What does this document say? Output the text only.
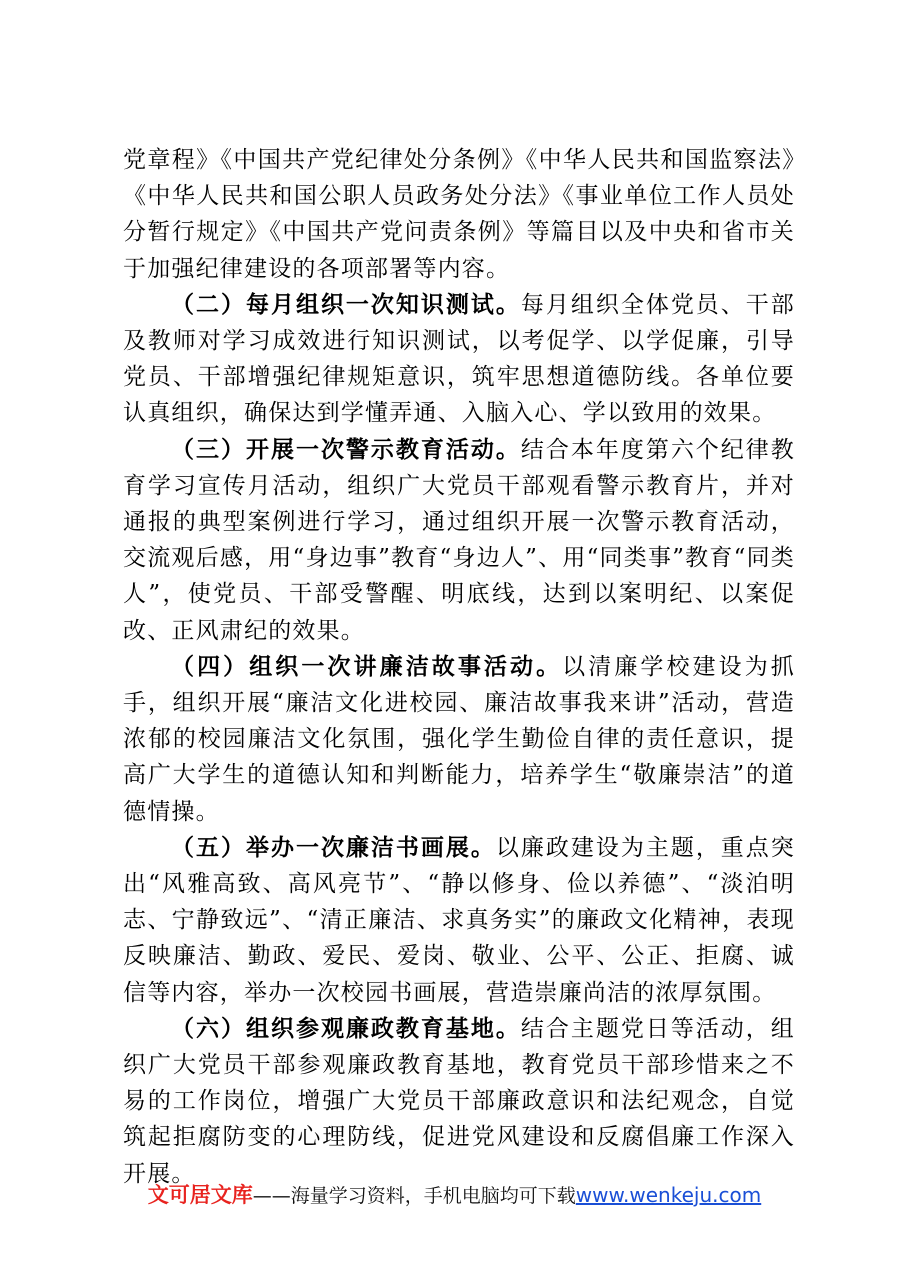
党章程》《中国共产党纪律处分条例》《中华人民共和国监察法》《中华人民共和国公职人员政务处分法》《事业单位工作人员处分暂行规定》《中国共产党问责条例》等篇目以及中央和省市关于加强纪律建设的各项部署等内容。

（二）每月组织一次知识测试。每月组织全体党员、干部及教师对学习成效进行知识测试，以考促学、以学促廉，引导党员、干部增强纪律规矩意识，筑牢思想道德防线。各单位要认真组织，确保达到学懂弄通、入脑入心、学以致用的效果。

（三）开展一次警示教育活动。结合本年度第六个纪律教育学习宣传月活动，组织广大党员干部观看警示教育片，并对通报的典型案例进行学习，通过组织开展一次警示教育活动，交流观后感，用“身边事”教育“身边人”、用“同类事”教育“同类人”，使党员、干部受警醒、明底线，达到以案明纪、以案促改、正风肃纪的效果。

（四）组织一次讲廉洁故事活动。以清廉学校建设为抓手，组织开展“廉洁文化进校园、廉洁故事我来讲”活动，营造浓郁的校园廉洁文化氛围，强化学生勤俭自律的责任意识，提高广大学生的道德认知和判断能力，培养学生“敬廉崇洁”的道德情操。

（五）举办一次廉洁书画展。以廉政建设为主题，重点突出“风雅高致、高风亮节”、“静以修身、俭以养德”、“淡泊明志、宁静致远”、“清正廉洁、求真务实”的廉政文化精神，表现反映廉洁、勤政、爱民、爱岗、敬业、公平、公正、拒腐、诚信等内容，举办一次校园书画展，营造崇廉尚洁的浓厚氛围。

（六）组织参观廉政教育基地。结合主题党日等活动，组织广大党员干部参观廉政教育基地，教育党员干部珍惜来之不易的工作岗位，增强广大党员干部廉政意识和法纪观念，自觉筑起拒腐防变的心理防线，促进党风建设和反腐倡廉工作深入开展。

文可居文库——海量学习资料，手机电脑均可下载www.wenkeju.com
